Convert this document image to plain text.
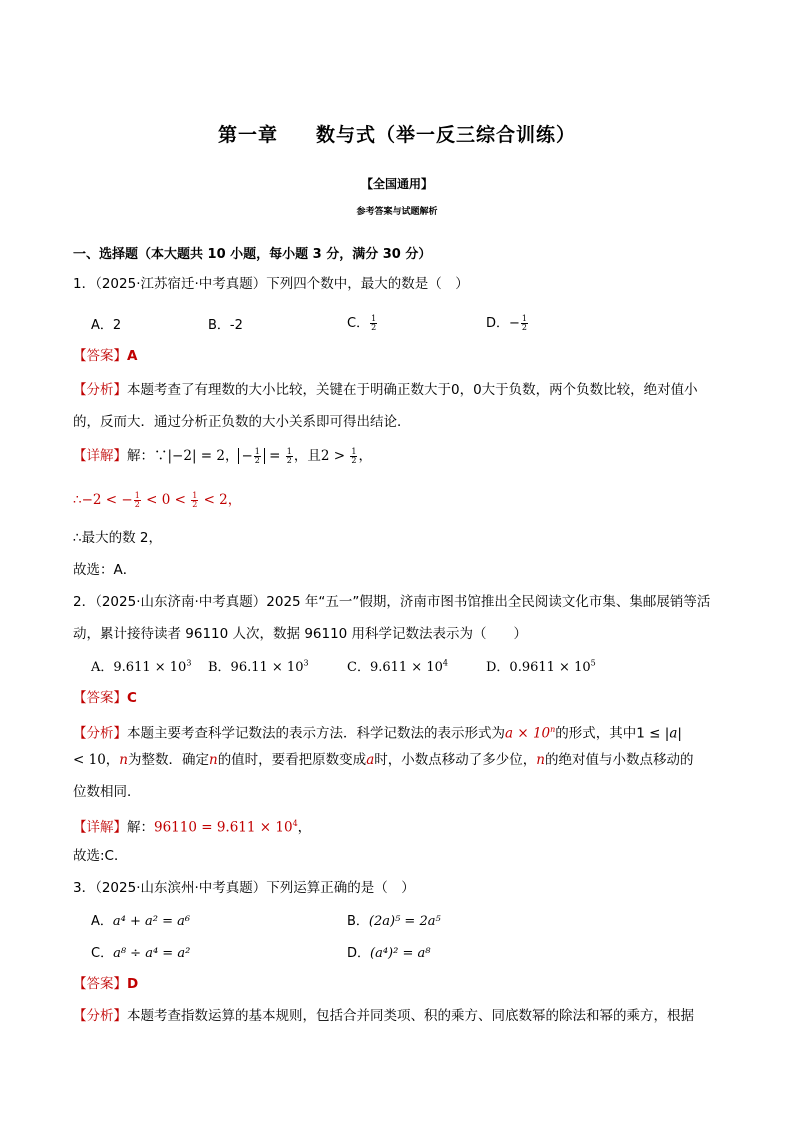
第一章 数与式（举一反三综合训练）
【全国通用】
参考答案与试题解析
一、选择题（本大题共 10 小题，每小题 3 分，满分 30 分）
1．（2025·江苏宿迁·中考真题）下列四个数中，最大的数是（　）
A．2	B．-2	C． $\frac{1}{2}$	D．− $\frac{1}{2}$
【答案】A
【分析】本题考查了有理数的大小比较，关键在于明确正数大于0，0大于负数，两个负数比较，绝对值小
的，反而大．通过分析正负数的大小关系即可得出结论．
【详解】解：∵|−2| = 2， − $\frac{1}{2} = \frac{1}{2}$ ，且$2 > \frac{1}{2}$ ，
∴−2 < − $\frac{1}{2} < 0 < \frac{1}{2} < 2$，
∴最大的数 2，
故选：A．
2．（2025·山东济南·中考真题）2025 年“五一”假期，济南市图书馆推出全民阅读文化市集、集邮展销等活
动，累计接待读者 96110 人次，数据 96110 用科学记数法表示为（　　）
A．$9.611 \times 10^3$ B．$96.11 \times 10^3$	C．$9.611 \times 10^4$	D．$0.9611 \times 10^5$
【答案】C
【分析】本题主要考查科学记数法的表示方法．科学记数法的表示形式为$a \times 10^n$的形式，其中1 ≤ |a|
< 10，n为整数．确定n的值时，要看把原数变成a时，小数点移动了多少位，n的绝对值与小数点移动的
位数相同．
【详解】解：$96110 = 9.611 \times 10^4$，
故选:C．
3．（2025·山东滨州·中考真题）下列运算正确的是（　）
A．a⁴ + a² = a⁶	B．(2a)⁵ = 2a⁵
C．a⁸ ÷ a⁴ = a²	D．(a⁴)² = a⁸
【答案】D
【分析】本题考查指数运算的基本规则，包括合并同类项、积的乘方、同底数幂的除法和幂的乘方，根据
